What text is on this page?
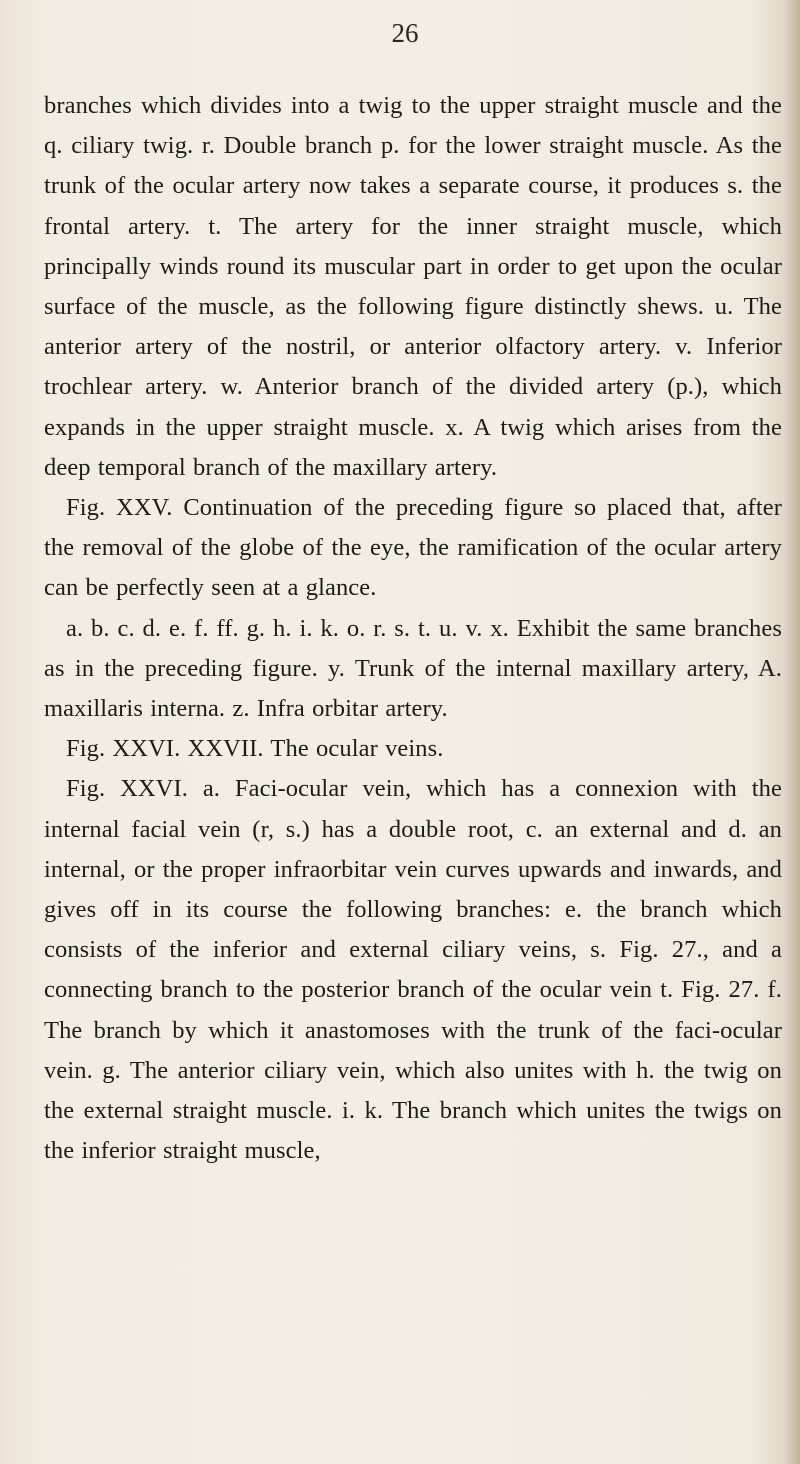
26

branches which divides into a twig to the upper straight muscle and the q. ciliary twig. r. Double branch p. for the lower straight muscle. As the trunk of the ocular artery now takes a separate course, it produces s. the frontal artery. t. The artery for the inner straight muscle, which principally winds round its muscular part in order to get upon the ocular surface of the muscle, as the following figure distinctly shews. u. The anterior artery of the nostril, or anterior olfactory artery. v. Inferior trochlear artery. w. Anterior branch of the divided artery (p.), which expands in the upper straight muscle. x. A twig which arises from the deep temporal branch of the maxillary artery.

Fig. XXV. Continuation of the preceding figure so placed that, after the removal of the globe of the eye, the ramification of the ocular artery can be perfectly seen at a glance.

a. b. c. d. e. f. ff. g. h. i. k. o. r. s. t. u. v. x. Exhibit the same branches as in the preceding figure. y. Trunk of the internal maxillary artery, A. maxillaris interna. z. Infra orbitar artery.

Fig. XXVI. XXVII. The ocular veins.

Fig. XXVI. a. Faci-ocular vein, which has a connexion with the internal facial vein (r, s.) has a double root, c. an external and d. an internal, or the proper infraorbitar vein curves upwards and inwards, and gives off in its course the following branches: e. the branch which consists of the inferior and external ciliary veins, s. Fig. 27., and a connecting branch to the posterior branch of the ocular vein t. Fig. 27. f. The branch by which it anastomoses with the trunk of the faci-ocular vein. g. The anterior ciliary vein, which also unites with h. the twig on the external straight muscle. i. k. The branch which unites the twigs on the inferior straight muscle,
